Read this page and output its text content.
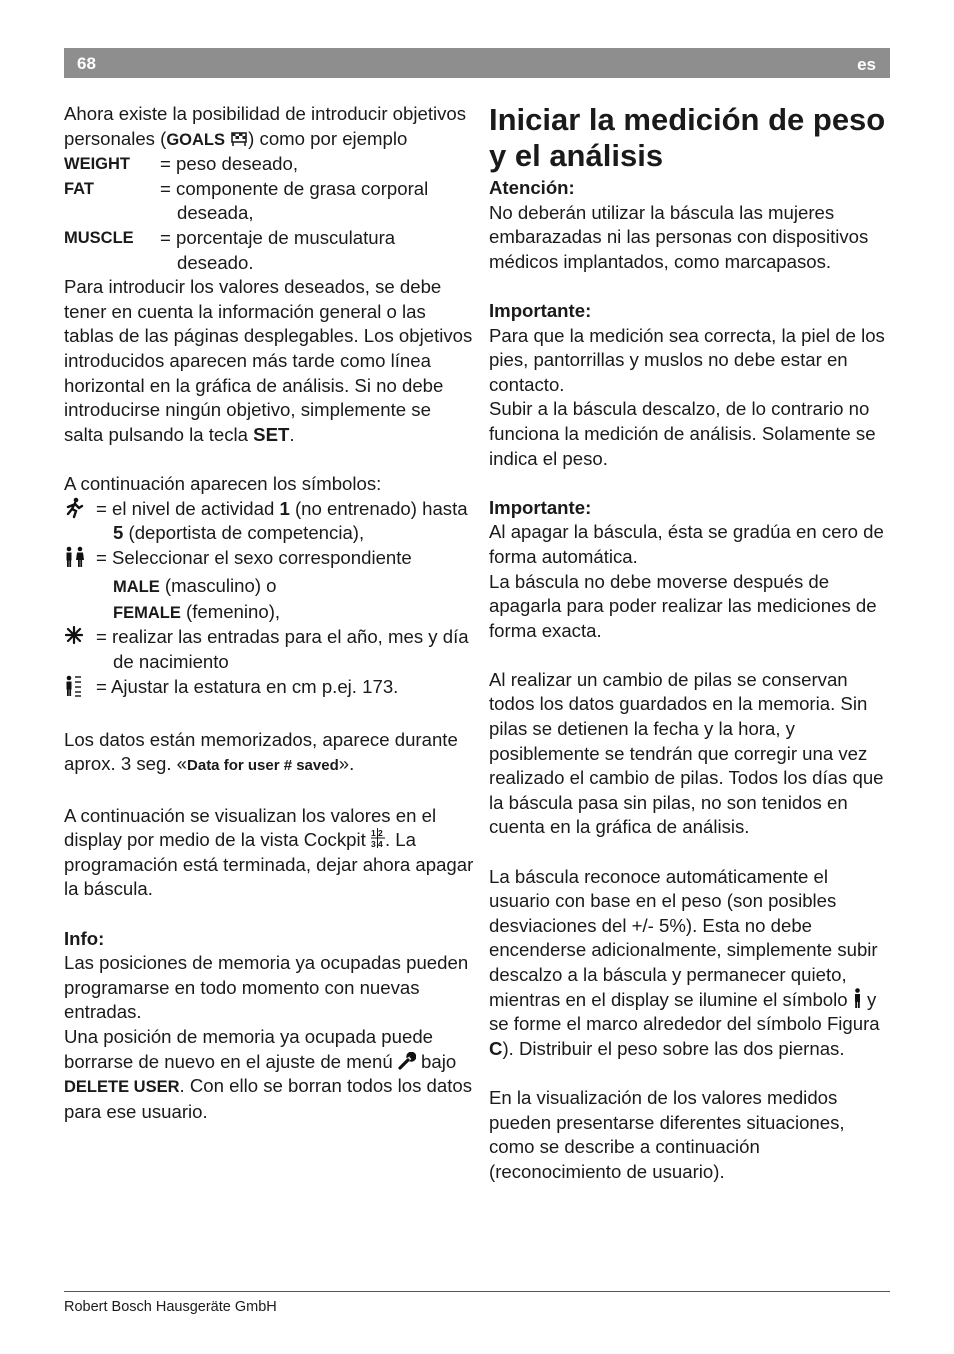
68	es

Ahora existe la posibilidad de introducir objetivos personales (GOALS ) como por ejemplo

WEIGHT	= peso deseado,
FAT	= componente de grasa corporal deseada,
MUSCLE	= porcentaje de musculatura deseado.

Para introducir los valores deseados, se debe tener en cuenta la información general o las tablas de las páginas desplegables. Los objetivos introducidos aparecen más tarde como línea horizontal en la gráfica de análisis. Si no debe introducirse ningún objetivo, simplemente se salta pulsando la tecla SET.

A continuación aparecen los símbolos:

= el nivel de actividad 1 (no entrenado) hasta 5 (deportista de competencia),
= Seleccionar el sexo correspondiente

MALE (masculino) o

FEMALE (femenino),

= realizar las entradas para el año, mes y día de nacimiento
= Ajustar la estatura en cm p.ej. 173.

Los datos están memorizados, aparece durante aprox. 3 seg. «Data for user # saved».

A continuación se visualizan los valores en el display por medio de la vista Cockpit 1 2
3 4 . La programación está terminada, dejar ahora apagar la báscula.

Info:

Las posiciones de memoria ya ocupadas pueden programarse en todo momento con nuevas entradas.

Una posición de memoria ya ocupada puede borrarse de nuevo en el ajuste de menú  bajo DELETE USER. Con ello se borran todos los datos para ese usuario.

Iniciar la medición de peso y el análisis

Atención:

No deberán utilizar la báscula las mujeres embarazadas ni las personas con dispositivos médicos implantados, como marcapasos.

Importante:

Para que la medición sea correcta, la piel de los pies, pantorrillas y muslos no debe estar en contacto.

Subir a la báscula descalzo, de lo contrario no funciona la medición de análisis. Solamente se indica el peso.

Importante:

Al apagar la báscula, ésta se gradúa en cero de forma automática.

La báscula no debe moverse después de apagarla para poder realizar las mediciones de forma exacta.

Al realizar un cambio de pilas se conservan todos los datos guardados en la memoria. Sin pilas se detienen la fecha y la hora, y posiblemente se tendrán que corregir una vez realizado el cambio de pilas. Todos los días que la báscula pasa sin pilas, no son tenidos en cuenta en la gráfica de análisis.

La báscula reconoce automáticamente el usuario con base en el peso (son posibles desviaciones del +/- 5%). Esta no debe encenderse adicionalmente, simplemente subir descalzo a la báscula y permanecer quieto, mientras en el display se ilumine el símbolo  y se forme el marco alrededor del símbolo Figura C). Distribuir el peso sobre las dos piernas.

En la visualización de los valores medidos pueden presentarse diferentes situaciones, como se describe a continuación (reconocimiento de usuario).

Robert Bosch Hausgeräte GmbH
